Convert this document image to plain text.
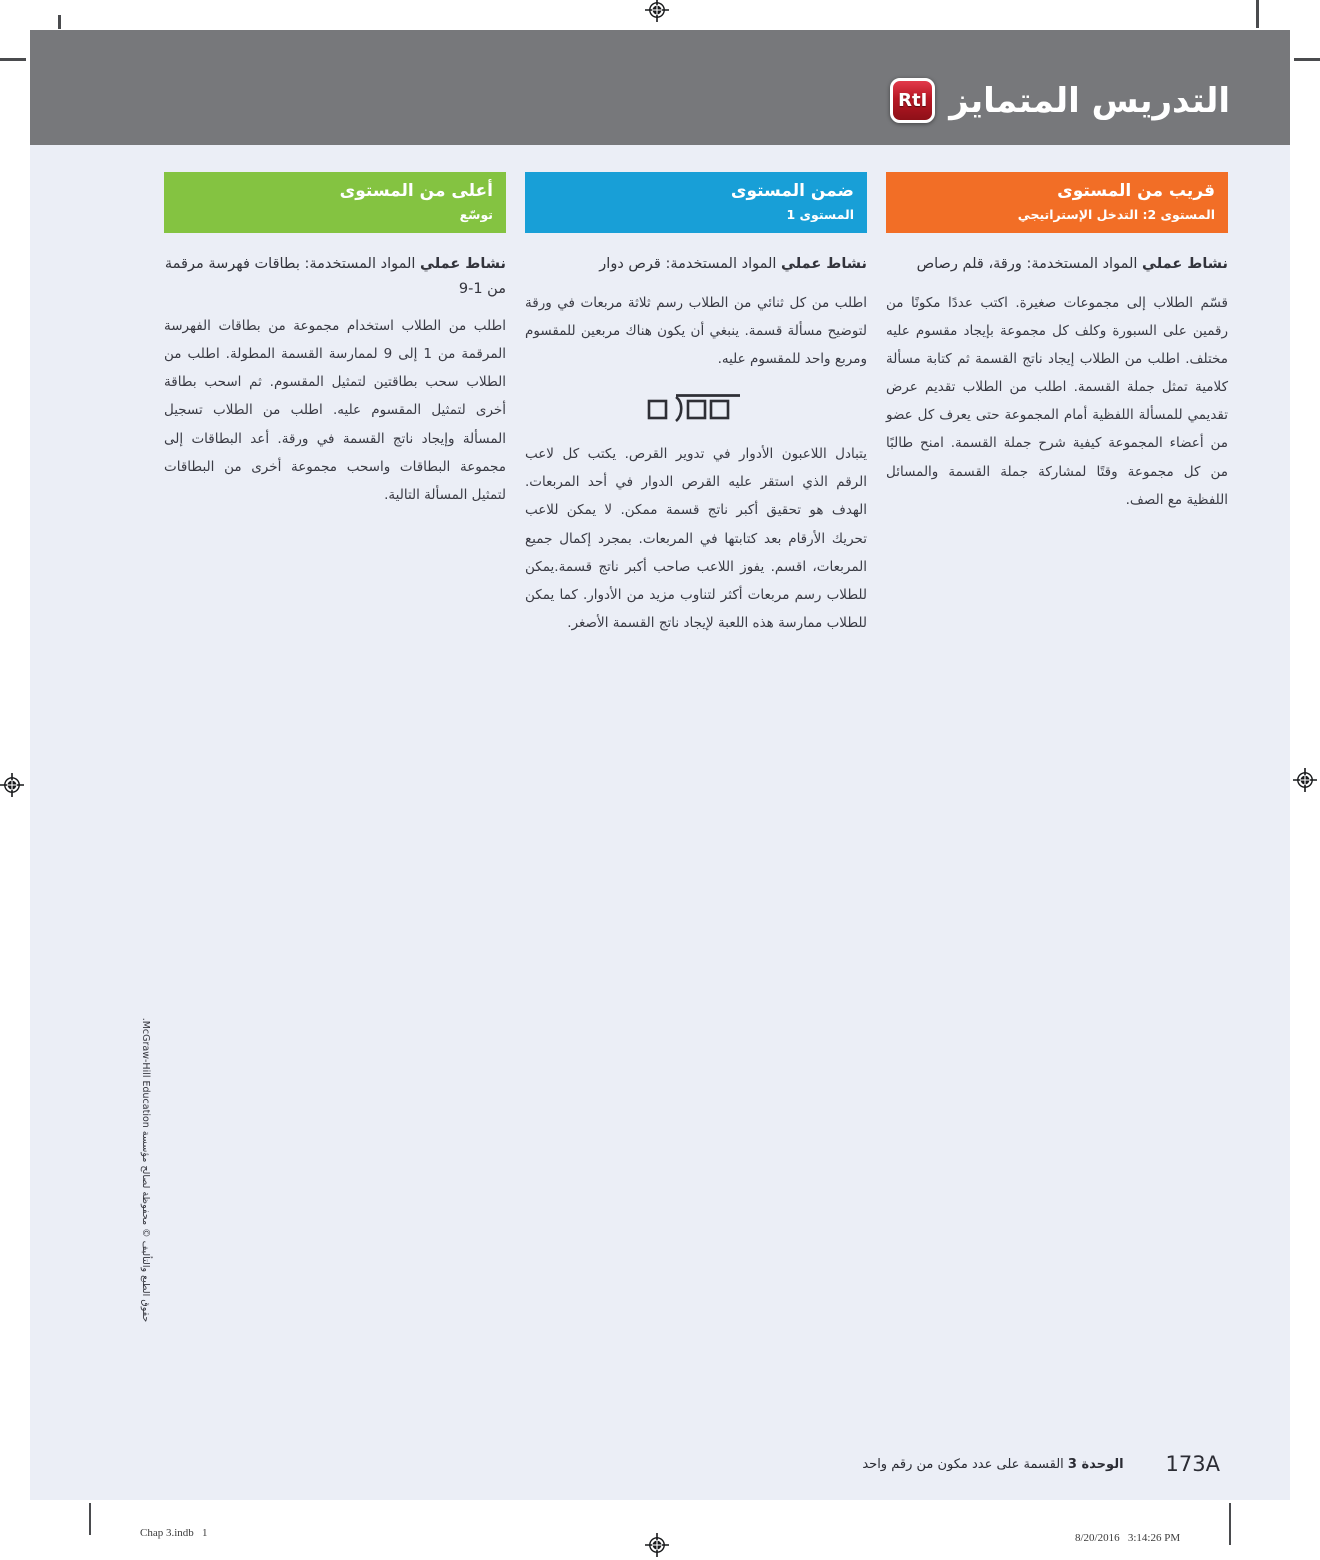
التدريس المتمايز
RtI
قريب من المستوى
المستوى 2: التدخل الإستراتيجي
نشاط عملي المواد المستخدمة: ورقة، قلم رصاص
قسّم الطلاب إلى مجموعات صغيرة. اكتب عددًا مكونًا من رقمين على السبورة وكلف كل مجموعة بإيجاد مقسوم عليه مختلف. اطلب من الطلاب إيجاد ناتج القسمة ثم كتابة مسألة كلامية تمثل جملة القسمة. اطلب من الطلاب تقديم عرض تقديمي للمسألة اللفظية أمام المجموعة حتى يعرف كل عضو من أعضاء المجموعة كيفية شرح جملة القسمة. امنح طالبًا من كل مجموعة وقتًا لمشاركة جملة القسمة والمسائل اللفظية مع الصف.
ضمن المستوى
المستوى 1
نشاط عملي المواد المستخدمة: قرص دوار
اطلب من كل ثنائي من الطلاب رسم ثلاثة مربعات في ورقة لتوضيح مسألة قسمة. ينبغي أن يكون هناك مربعين للمقسوم ومربع واحد للمقسوم عليه.
يتبادل اللاعبون الأدوار في تدوير القرص. يكتب كل لاعب الرقم الذي استقر عليه القرص الدوار في أحد المربعات. الهدف هو تحقيق أكبر ناتج قسمة ممكن. لا يمكن للاعب تحريك الأرقام بعد كتابتها في المربعات. بمجرد إكمال جميع المربعات، اقسم. يفوز اللاعب صاحب أكبر ناتج قسمة.يمكن للطلاب رسم مربعات أكثر لتناوب مزيد من الأدوار. كما يمكن للطلاب ممارسة هذه اللعبة لإيجاد ناتج القسمة الأصغر.
أعلى من المستوى
توسّع
نشاط عملي المواد المستخدمة: بطاقات فهرسة مرقمة
من 1-9
اطلب من الطلاب استخدام مجموعة من بطاقات الفهرسة المرقمة من 1 إلى 9 لممارسة القسمة المطولة. اطلب من الطلاب سحب بطاقتين لتمثيل المقسوم. ثم اسحب بطاقة أخرى لتمثيل المقسوم عليه. اطلب من الطلاب تسجيل المسألة وإيجاد ناتج القسمة في ورقة. أعد البطاقات إلى مجموعة البطاقات واسحب مجموعة أخرى من البطاقات لتمثيل المسألة التالية.
173A
الوحدة 3 القسمة على عدد مكون من رقم واحد
حقوق الطبع والتأليف © محفوظة لصالح مؤسسة McGraw-Hill Education.
Chap 3.indb   1	8/20/2016   3:14:26 PM
